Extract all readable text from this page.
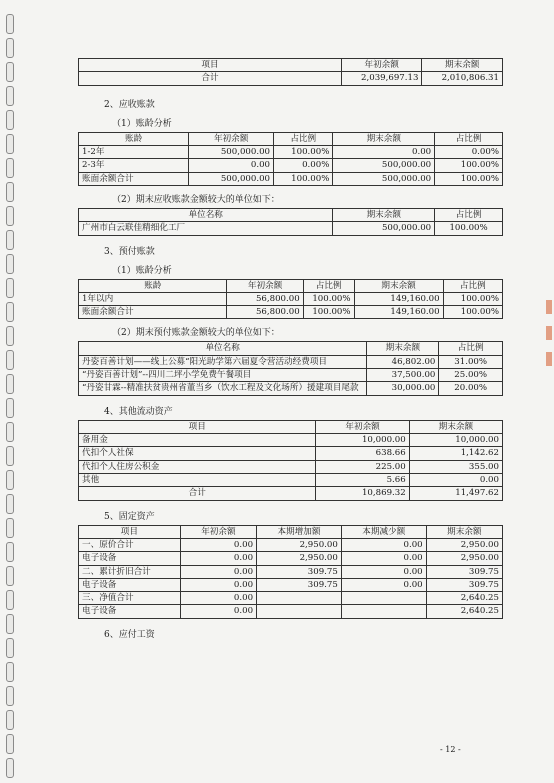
项目	年初余额	期末余额
合计	2,039,697.13	2,010,806.31
2、应收账款
（1）账龄分析
账龄	年初余额	占比例	期末余额	占比例
1-2年	500,000.00	100.00%	0.00	0.00%
2-3年	0.00	0.00%	500,000.00	100.00%
账面余额合计	500,000.00	100.00%	500,000.00	100.00%
（2）期末应收账款金额较大的单位如下：
单位名称	期末余额	占比例
广州市白云联佳精细化工厂	500,000.00	100.00%
3、预付账款
（1）账龄分析
账龄	年初余额	占比例	期末余额	占比例
1年以内	56,800.00	100.00%	149,160.00	100.00%
账面余额合计	56,800.00	100.00%	149,160.00	100.00%
（2）期末预付账款金额较大的单位如下：
单位名称	期末余额	占比例
丹姿百善计划——线上公募“阳光助学第六届夏令营活动经费项目	46,802.00	31.00%
“丹姿百善计划”--四川二坪小学免费午餐项目	37,500.00	25.00%
“丹姿甘霖--精准扶贫贵州省董当乡（饮水工程及文化场所）援建项目尾款	30,000.00	20.00%
4、其他流动资产
项目	年初余额	期末余额
备用金	10,000.00	10,000.00
代扣个人社保	638.66	1,142.62
代扣个人住房公积金	225.00	355.00
其他	5.66	0.00
合计	10,869.32	11,497.62
5、固定资产
项目	年初余额	本期增加额	本期减少额	期末余额
一、原价合计	0.00	2,950.00	0.00	2,950.00
电子设备	0.00	2,950.00	0.00	2,950.00
二、累计折旧合计	0.00	309.75	0.00	309.75
电子设备	0.00	309.75	0.00	309.75
三、净值合计	0.00			2,640.25
电子设备	0.00			2,640.25
6、应付工资
- 12 -
